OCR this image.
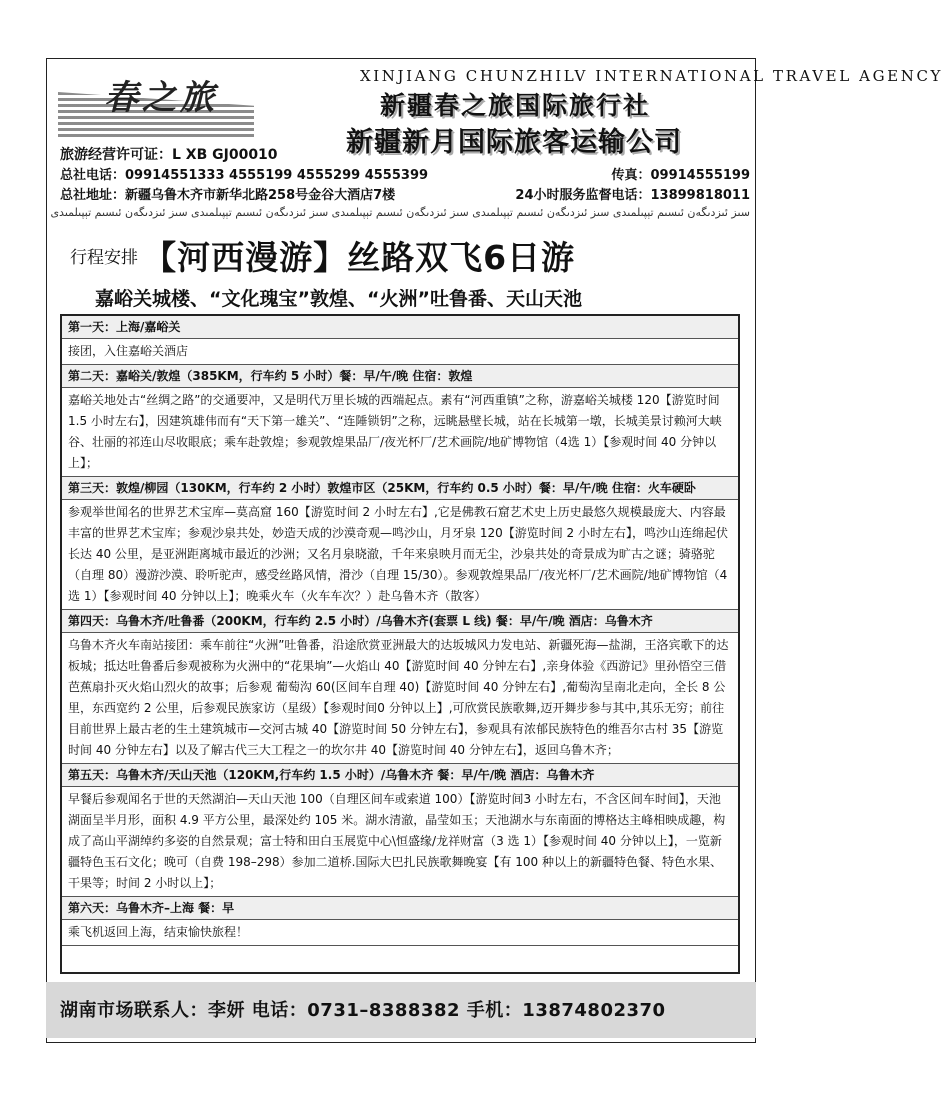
春之旅
XINJIANG CHUNZHILV INTERNATIONAL TRAVEL AGENCY
新疆春之旅国际旅行社
新疆新月国际旅客运输公司
旅游经营许可证：L XB GJ00010
总社电话：09914551333 4555199 4555299 4555399	传真：09914555199
总社地址：新疆乌鲁木齐市新华北路258号金谷大酒店7楼	24小时服务监督电话：13899818011
سىز ئىزدىگەن ئىسىم تېپىلمىدى سىز ئىزدىگەن ئىسىم تېپىلمىدى سىز ئىزدىگەن ئىسىم تېپىلمىدى سىز ئىزدىگەن ئىسىم تېپىلمىدى سىز ئىزدىگەن ئىسىم تېپىلمىدى
行程安排 【河西漫游】丝路双飞6日游
嘉峪关城楼、“文化瑰宝”敦煌、“火洲”吐鲁番、天山天池
第一天：上海/嘉峪关
接团，入住嘉峪关酒店
第二天：嘉峪关/敦煌（385KM，行车约 5 小时）餐：早/午/晚 住宿：敦煌
嘉峪关地处古“丝绸之路”的交通要冲，又是明代万里长城的西端起点。素有“河西重镇”之称，游嘉峪关城楼 120【游览时间 1.5 小时左右】，因建筑雄伟而有“天下第一雄关”、“连陲锁钥”之称，远眺悬壁长城，站在长城第一墩，长城美景讨赖河大峡谷、壮丽的祁连山尽收眼底；乘车赴敦煌；参观敦煌果品厂/夜光杯厂/艺术画院/地矿博物馆（4选 1）【参观时间 40 分钟以上】；
第三天：敦煌/柳园（130KM，行车约 2 小时）敦煌市区（25KM，行车约 0.5 小时）餐：早/午/晚 住宿：火车硬卧
参观举世闻名的世界艺术宝库—莫高窟 160【游览时间 2 小时左右】,它是佛教石窟艺术史上历史最悠久规模最庞大、内容最丰富的世界艺术宝库；参观沙泉共处，妙造天成的沙漠奇观—鸣沙山，月牙泉 120【游览时间 2 小时左右】，鸣沙山连绵起伏长达 40 公里，是亚洲距离城市最近的沙洲；又名月泉晓澈，千年来泉映月而无尘，沙泉共处的奇景成为旷古之谜；骑骆驼（自理 80）漫游沙漠、聆听驼声，感受丝路风情，滑沙（自理 15/30）。参观敦煌果品厂/夜光杯厂/艺术画院/地矿博物馆（4 选 1）【参观时间 40 分钟以上】；晚乘火车（火车车次？）赴乌鲁木齐（散客）
第四天：乌鲁木齐/吐鲁番（200KM，行车约 2.5 小时）/乌鲁木齐(套票 L 线) 餐：早/午/晚 酒店：乌鲁木齐
乌鲁木齐火车南站接团：乘车前往“火洲”吐鲁番，沿途欣赏亚洲最大的达坂城风力发电站、新疆死海—盐湖，王洛宾歌下的达板城；抵达吐鲁番后参观被称为火洲中的“花果垧”—火焰山 40【游览时间 40 分钟左右】,亲身体验《西游记》里孙悟空三借芭蕉扇扑灭火焰山烈火的故事；后参观 葡萄沟 60(区间车自理 40)【游览时间 40 分钟左右】,葡萄沟呈南北走向，全长 8 公里，东西宽约 2 公里，后参观民族家访（星级）【参观时间0 分钟以上】,可欣赏民族歌舞,迈开舞步参与其中,其乐无穷；前往目前世界上最古老的生土建筑城市—交河古城 40【游览时间 50 分钟左右】，参观具有浓郁民族特色的维吾尔古村 35【游览时间 40 分钟左右】以及了解古代三大工程之一的坎尔井 40【游览时间 40 分钟左右】，返回乌鲁木齐；
第五天：乌鲁木齐/天山天池（120KM,行车约 1.5 小时）/乌鲁木齐 餐：早/午/晚 酒店：乌鲁木齐
早餐后参观闻名于世的天然湖泊—天山天池 100（自理区间车或索道 100）【游览时间3 小时左右，不含区间车时间】，天池湖面呈半月形，面积 4.9 平方公里，最深处约 105 米。湖水清澈，晶莹如玉；天池湖水与东南面的博格达主峰相映成趣，构成了高山平湖绰约多姿的自然景观；富士特和田白玉展览中心\恒盛缘/龙祥财富（3 选 1）【参观时间 40 分钟以上】，一览新疆特色玉石文化；晚可（自费 198–298）参加二道桥.国际大巴扎民族歌舞晚宴【有 100 种以上的新疆特色餐、特色水果、干果等；时间 2 小时以上】；
第六天：乌鲁木齐–上海 餐：早
乘飞机返回上海，结束愉快旅程！
湖南市场联系人：李妍 电话：0731–8388382 手机：13874802370
